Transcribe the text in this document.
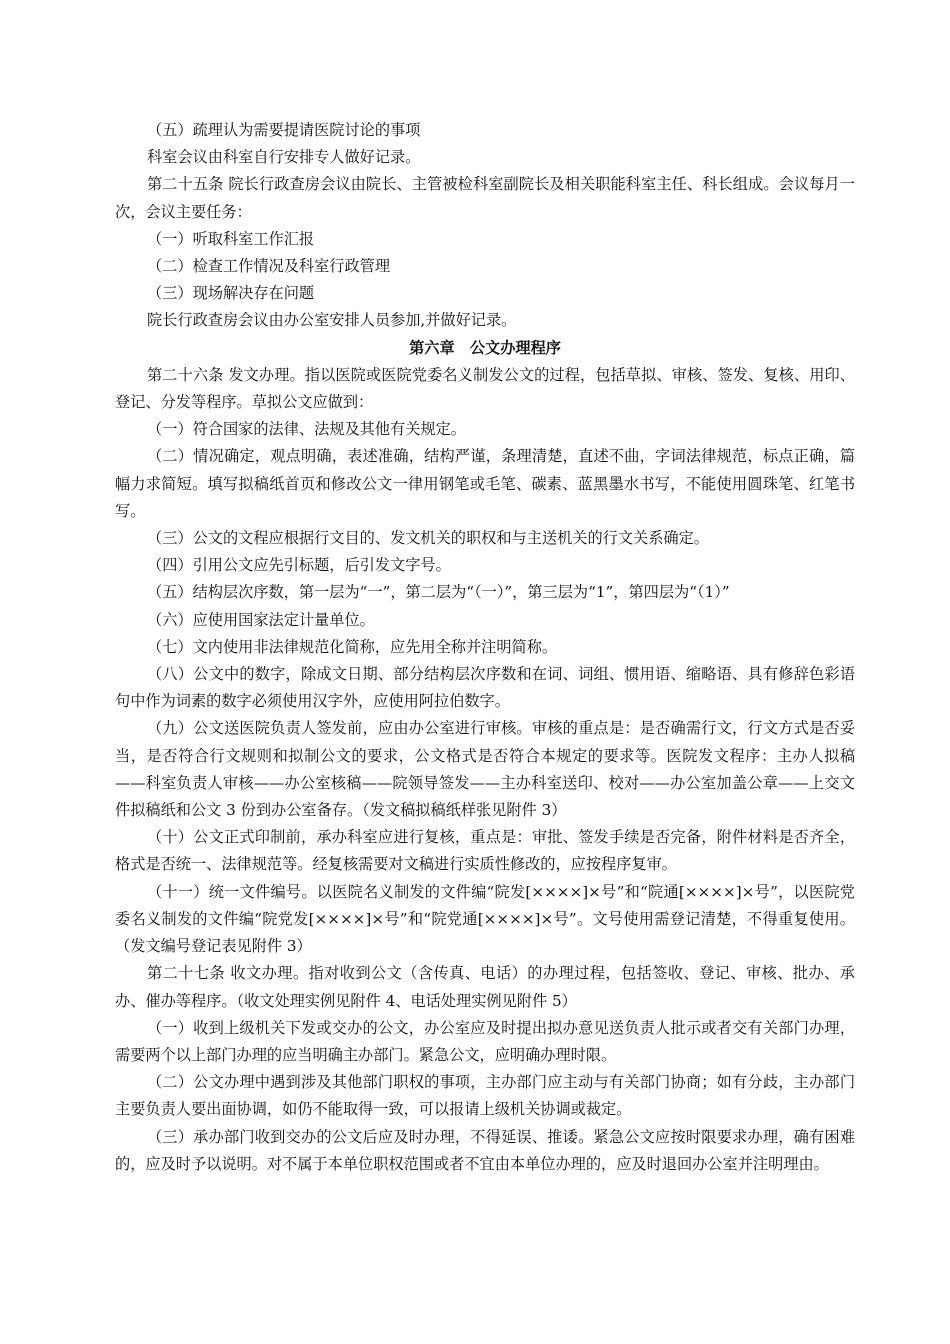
（五）疏理认为需要提请医院讨论的事项

科室会议由科室自行安排专人做好记录。

第二十五条 院长行政查房会议由院长、主管被检科室副院长及相关职能科室主任、科长组成。会议每月一次，会议主要任务：

（一）听取科室工作汇报

（二）检查工作情况及科室行政管理

（三）现场解决存在问题

院长行政查房会议由办公室安排人员参加,并做好记录。

第六章　公文办理程序

第二十六条 发文办理。指以医院或医院党委名义制发公文的过程，包括草拟、审核、签发、复核、用印、登记、分发等程序。草拟公文应做到：

（一）符合国家的法律、法规及其他有关规定。

（二）情况确定，观点明确，表述准确，结构严谨，条理清楚，直述不曲，字词法律规范，标点正确，篇幅力求简短。填写拟稿纸首页和修改公文一律用钢笔或毛笔、碳素、蓝黑墨水书写，不能使用圆珠笔、红笔书写。

（三）公文的文程应根据行文目的、发文机关的职权和与主送机关的行文关系确定。

（四）引用公文应先引标题，后引发文字号。

（五）结构层次序数，第一层为“一”，第二层为“（一）”，第三层为“1”，第四层为“（1）”

（六）应使用国家法定计量单位。

（七）文内使用非法律规范化简称，应先用全称并注明简称。

（八）公文中的数字，除成文日期、部分结构层次序数和在词、词组、惯用语、缩略语、具有修辞色彩语句中作为词素的数字必须使用汉字外，应使用阿拉伯数字。

（九）公文送医院负责人签发前，应由办公室进行审核。审核的重点是：是否确需行文，行文方式是否妥当，是否符合行文规则和拟制公文的要求，公文格式是否符合本规定的要求等。医院发文程序：主办人拟稿——科室负责人审核——办公室核稿——院领导签发——主办科室送印、校对——办公室加盖公章——上交文件拟稿纸和公文 3 份到办公室备存。（发文稿拟稿纸样张见附件 3）

（十）公文正式印制前，承办科室应进行复核，重点是：审批、签发手续是否完备，附件材料是否齐全，格式是否统一、法律规范等。经复核需要对文稿进行实质性修改的，应按程序复审。

（十一）统一文件编号。以医院名义制发的文件编“院发[××××]×号”和“院通[××××]×号”，以医院党委名义制发的文件编“院党发[××××]×号”和“院党通[××××]×号”。文号使用需登记清楚，不得重复使用。（发文编号登记表见附件 3）

第二十七条 收文办理。指对收到公文（含传真、电话）的办理过程，包括签收、登记、审核、批办、承办、催办等程序。（收文处理实例见附件 4、电话处理实例见附件 5）

（一）收到上级机关下发或交办的公文，办公室应及时提出拟办意见送负责人批示或者交有关部门办理，需要两个以上部门办理的应当明确主办部门。紧急公文，应明确办理时限。

（二）公文办理中遇到涉及其他部门职权的事项，主办部门应主动与有关部门协商；如有分歧，主办部门主要负责人要出面协调，如仍不能取得一致，可以报请上级机关协调或裁定。

（三）承办部门收到交办的公文后应及时办理，不得延误、推诿。紧急公文应按时限要求办理，确有困难的，应及时予以说明。对不属于本单位职权范围或者不宜由本单位办理的，应及时退回办公室并注明理由。
